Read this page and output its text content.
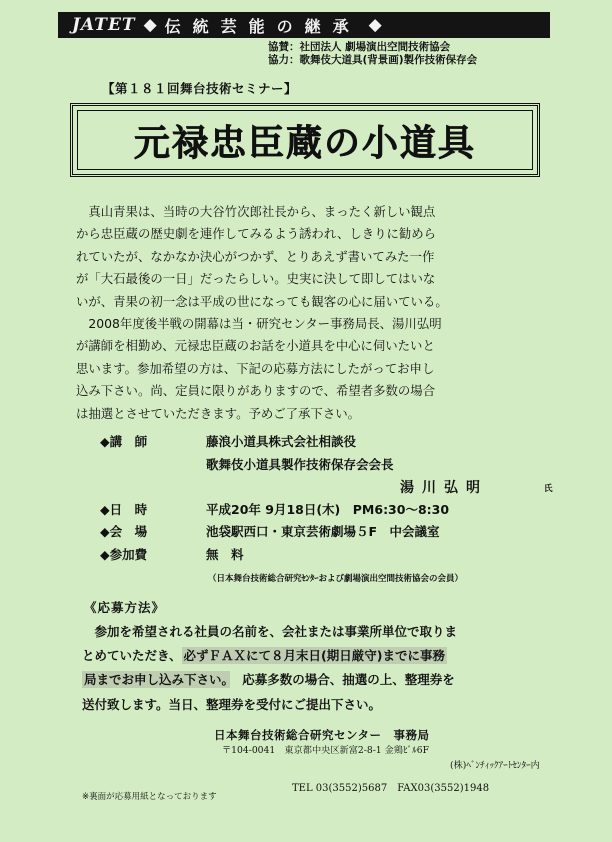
JATET ◆ 伝統芸能の継承 ◆
協賛：社団法人 劇場演出空間技術協会
協力：歌舞伎大道具(背景画)製作技術保存会
【第１８１回舞台技術セミナー】
元禄忠臣蔵の小道具
　真山青果は、当時の大谷竹次郎社長から、まったく新しい観点
から忠臣蔵の歴史劇を連作してみるよう誘われ、しきりに勧めら
れていたが、なかなか決心がつかず、とりあえず書いてみた一作
が「大石最後の一日」だったらしい。史実に決して即してはいな
いが、青果の初一念は平成の世になっても観客の心に届いている。
　2008年度後半戦の開幕は当・研究センター事務局長、湯川弘明
が講師を相勤め、元禄忠臣蔵のお話を小道具を中心に伺いたいと
思います。参加希望の方は、下記の応募方法にしたがってお申し
込み下さい。尚、定員に限りがありますので、希望者多数の場合
は抽選とさせていただきます。予めご了承下さい。
◆講　師	藤浪小道具株式会社相談役
歌舞伎小道具製作技術保存会会長
湯川弘明	氏
◆日　時	平成20年 9月18日(木)　PM6:30～8:30
◆会　場	池袋駅西口・東京芸術劇場５F　中会議室
◆参加費	無　料
（日本舞台技術総合研究ｾﾝﾀｰおよび劇場演出空間技術協会の会員）
《応募方法》
　参加を希望される社員の名前を、会社または事業所単位で取りま
とめていただき、 必ずＦＡＸにて８月末日(期日厳守)までに事務
局までお申し込み下さい。　応募多数の場合、抽選の上、整理券を
送付致します。当日、整理券を受付にご提出下さい。
日本舞台技術総合研究センター　事務局
〒104-0041　東京都中央区新富2-8-1 金鶏ﾋﾞﾙ6F
(株)ﾍﾞﾝﾁｨｯｸｱｰﾄｾﾝﾀｰ内
TEL 03(3552)5687　FAX03(3552)1948
※裏面が応募用紙となっております
